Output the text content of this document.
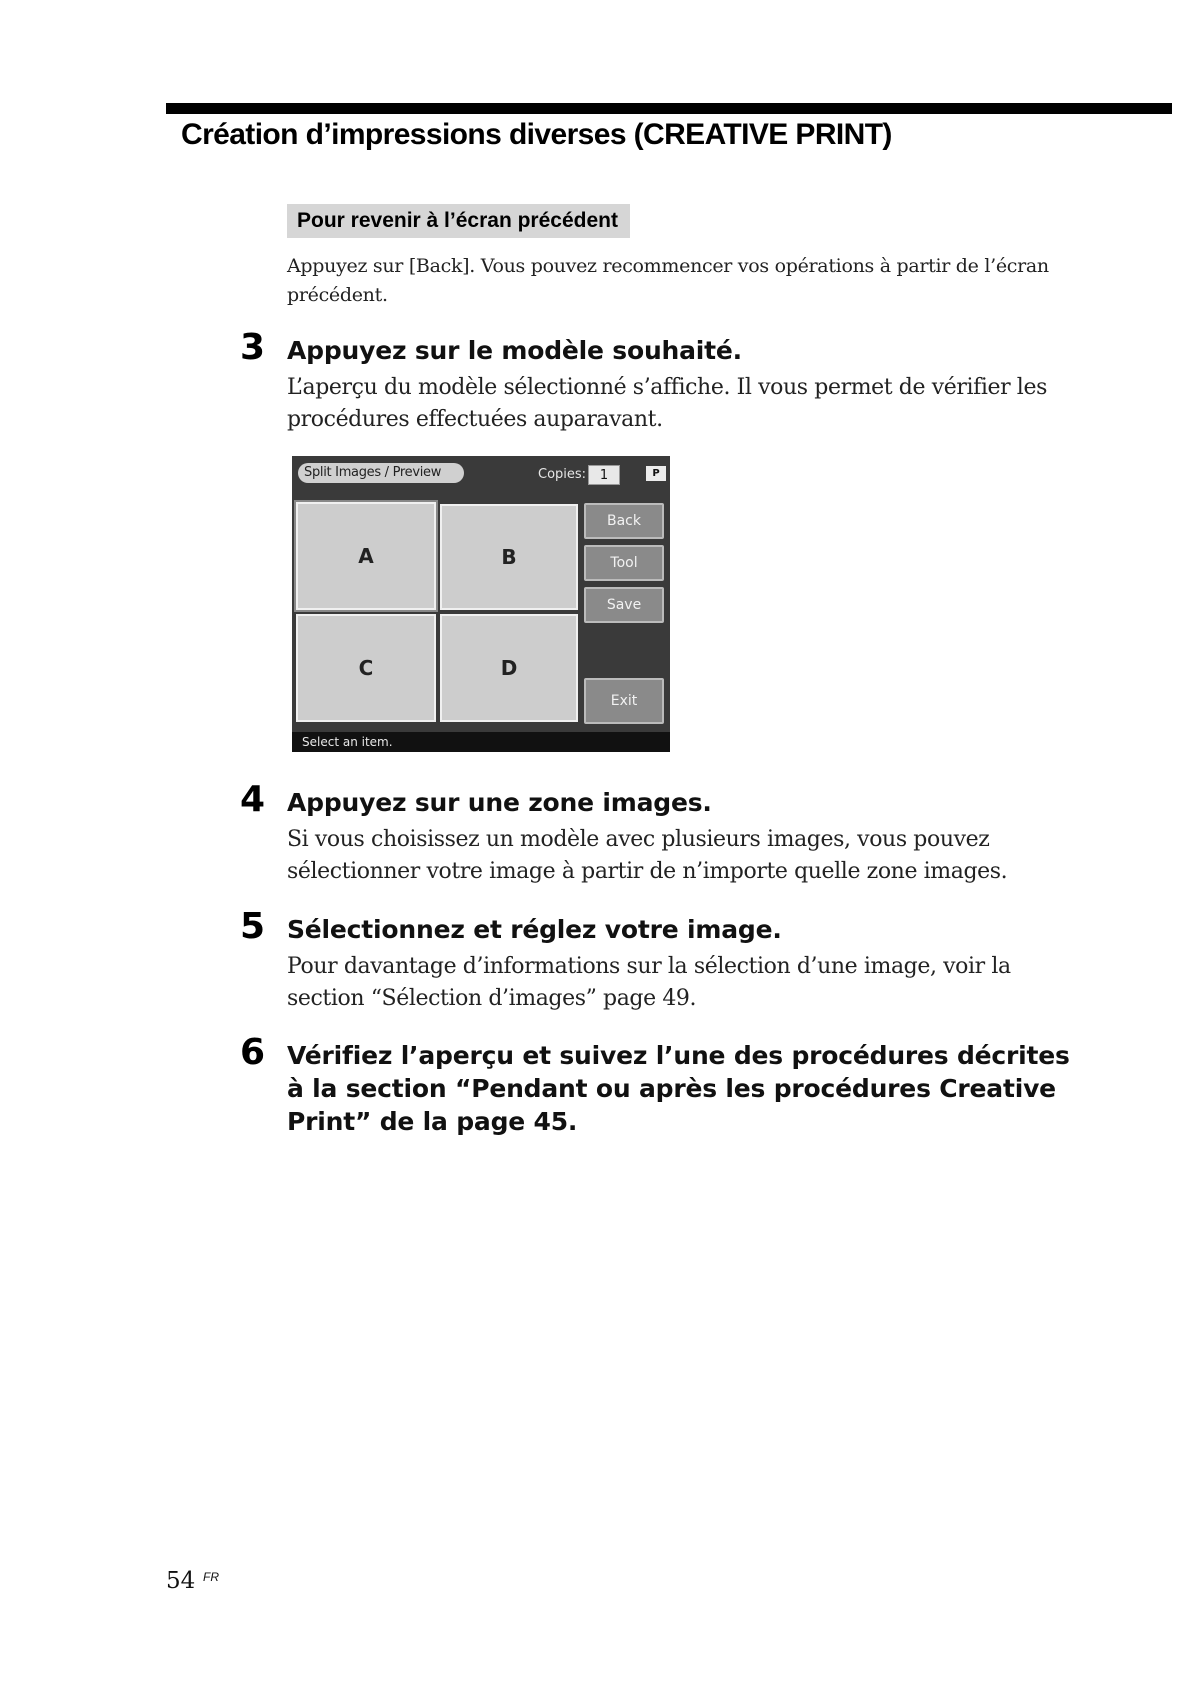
Création d’impressions diverses (CREATIVE PRINT)
Pour revenir à l’écran précédent

Appuyez sur [Back]. Vous pouvez recommencer vos opérations à partir de l’écran précédent.

3 Appuyez sur le modèle souhaité.

L’aperçu du modèle sélectionné s’affiche. Il vous permet de vérifier les procédures effectuées auparavant.

Split Images / Preview	Copies:	1	P
A	B
C	D
Back
Tool
Save
Exit
Select an item.
4 Appuyez sur une zone images.

Si vous choisissez un modèle avec plusieurs images, vous pouvez sélectionner votre image à partir de n’importe quelle zone images.

5 Sélectionnez et réglez votre image.

Pour davantage d’informations sur la sélection d’une image, voir la section “Sélection d’images” page 49.

6 Vérifiez l’aperçu et suivez l’une des procédures décrites à la section “Pendant ou après les procédures Creative Print” de la page 45.
54 FR
